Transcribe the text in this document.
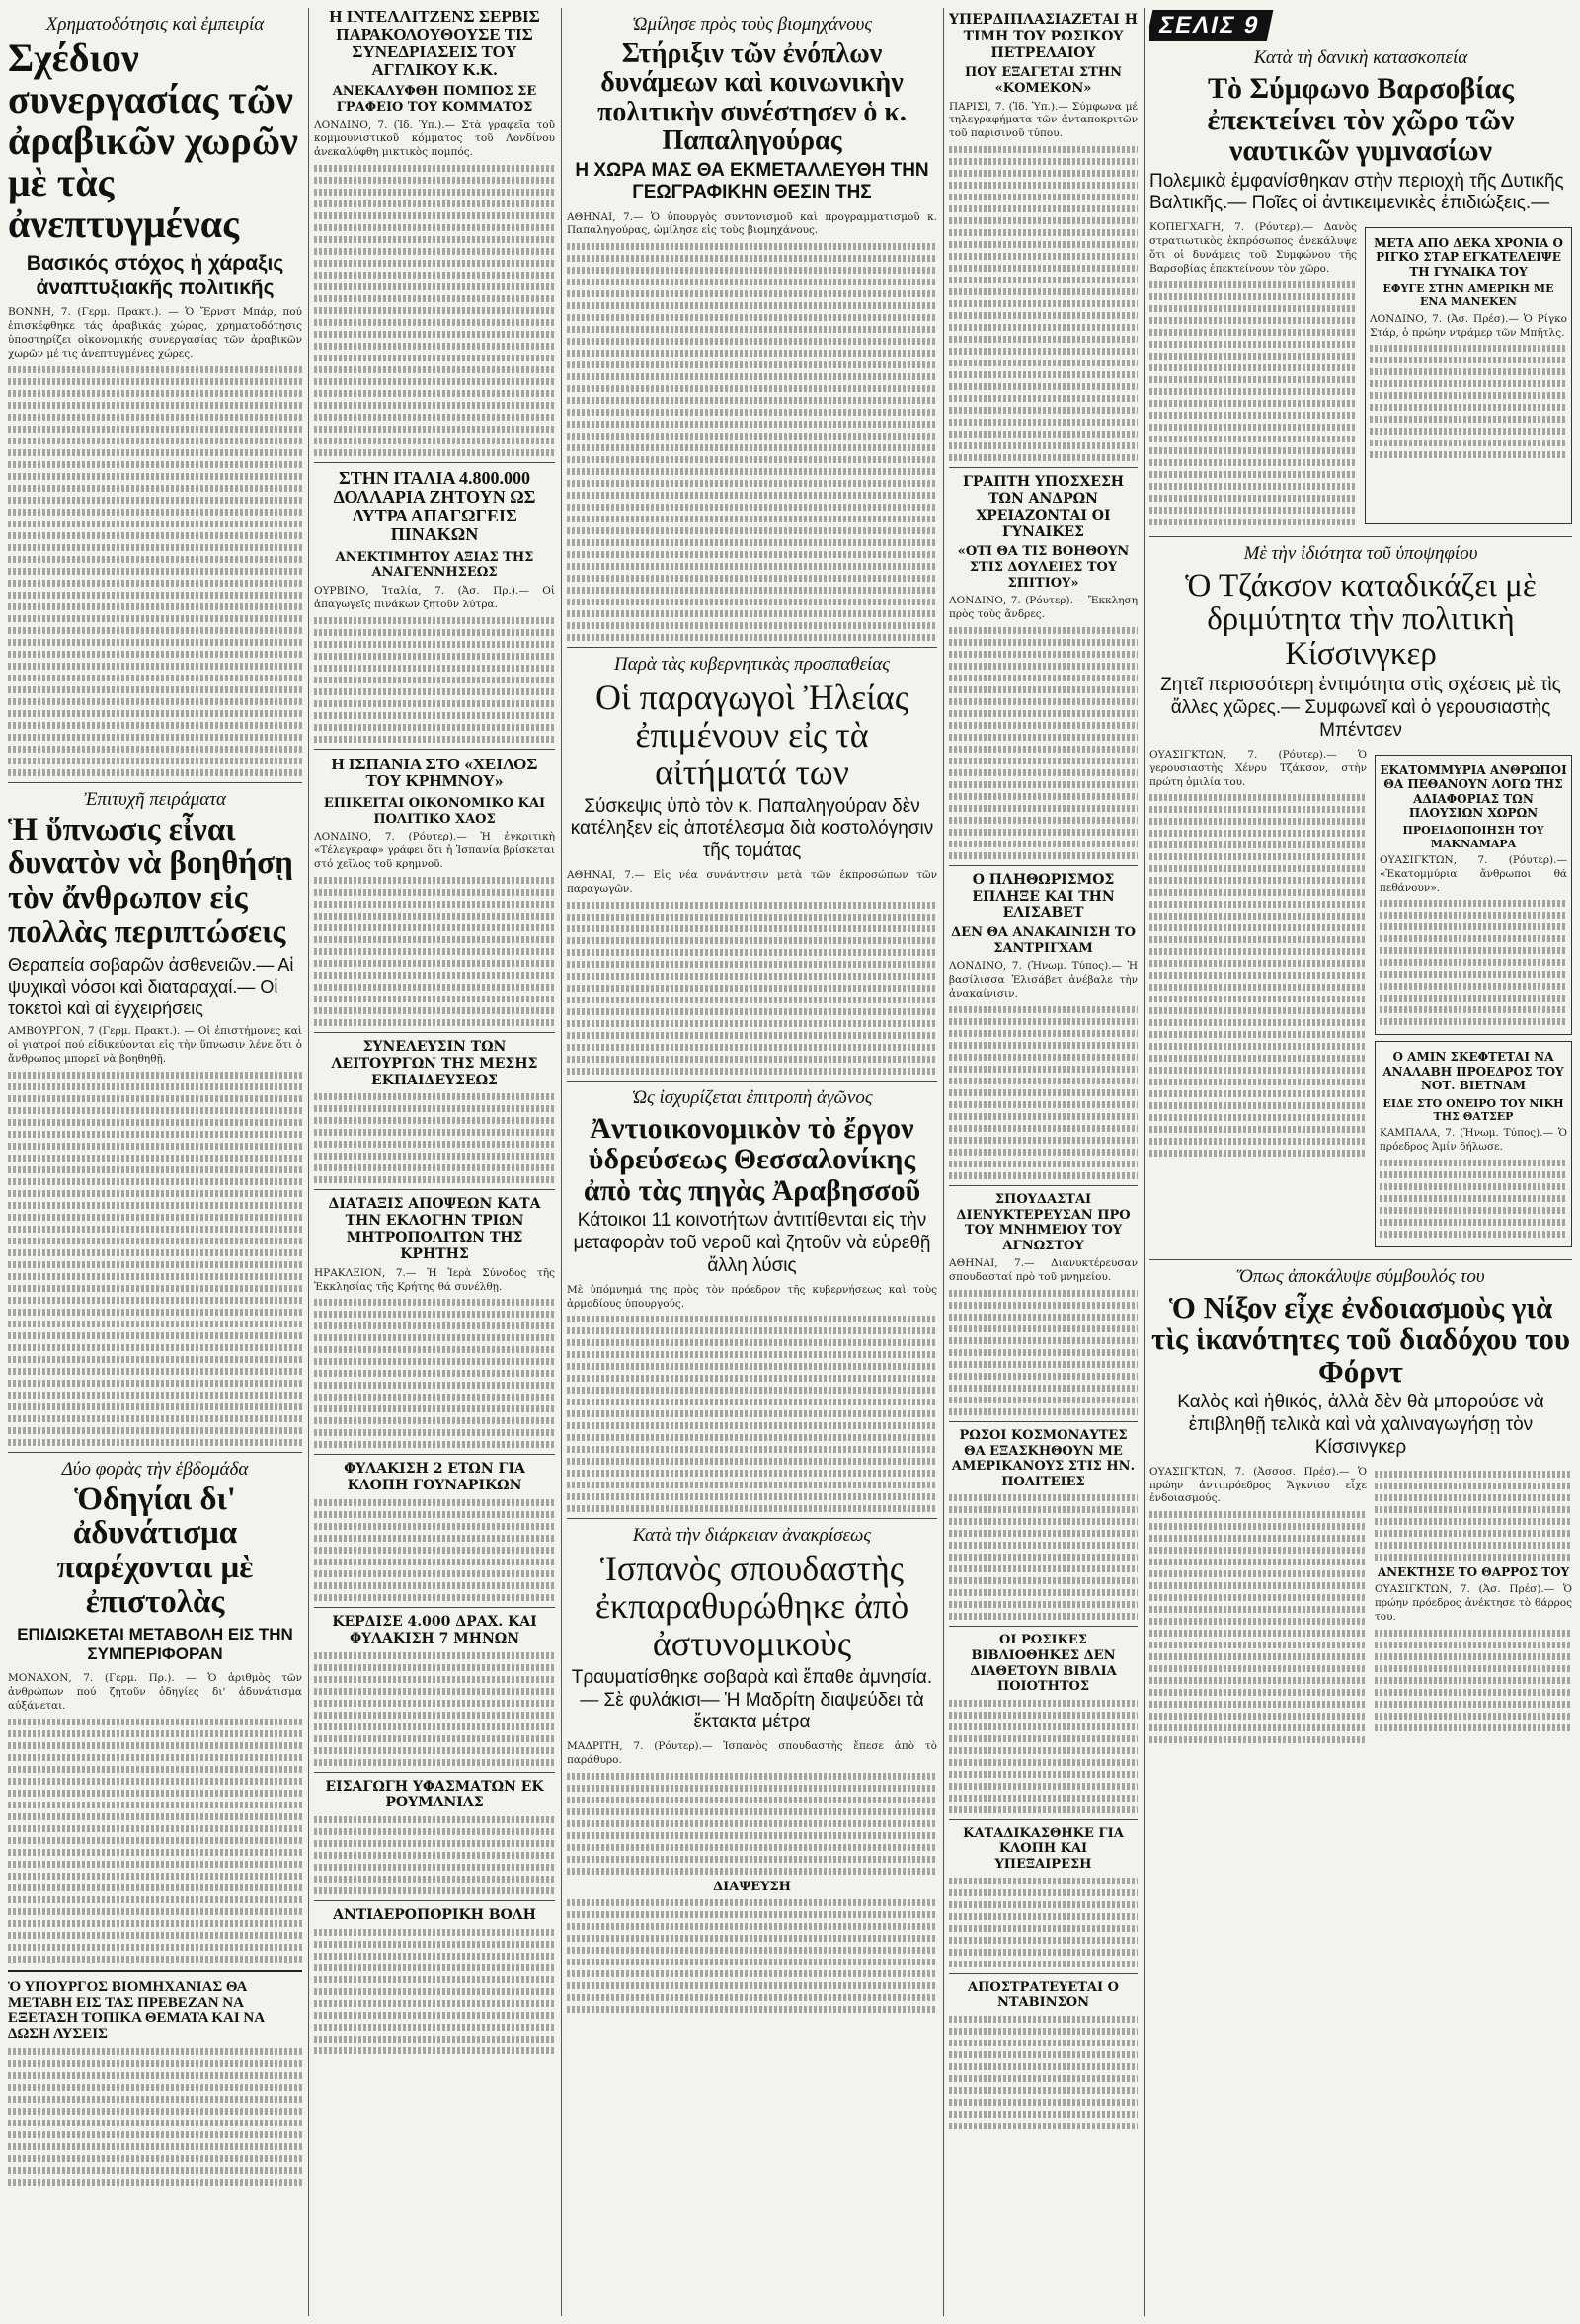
Χρηματοδότησις καὶ ἐμπειρία
Σχέδιον συνεργασίας τῶν ἀραβικῶν χωρῶν μὲ τὰς ἀνεπτυγμένας
Βασικός στόχος ἡ χάραξις ἀναπτυξιακῆς πολιτικῆς
ΒΟΝΝΗ, 7. (Γερμ. Πρακτ.). — Ὁ Ἔρνστ Μπάρ, πού ἐπισκέφθηκε τάς ἀραβικάς χώρας, χρηματοδότησις ὑποστηρίζει οἰκονομικής συνεργασίας τῶν ἀραβικῶν χωρῶν μέ τις ἀνεπτυγμένες χώρες.
Ἐπιτυχῆ πειράματα
Ἡ ὕπνωσις εἶναι δυνατὸν νὰ βοηθήσῃ τὸν ἄνθρωπον εἰς πολλὰς περιπτώσεις
Θεραπεία σοβαρῶν ἀσθενειῶν.— Αἱ ψυχικαὶ νόσοι καὶ διαταραχαί.— Οἱ τοκετοὶ καὶ αἱ ἐγχειρήσεις
ΑΜΒΟΥΡΓΟΝ, 7 (Γερμ. Πρακτ.). — Οἱ ἐπιστήμονες καὶ οἱ γιατροί πού εἰδικεύονται εἰς τὴν ὕπνωσιν λένε ὅτι ὁ ἄνθρωπος μπορεῖ νὰ βοηθηθῇ.
Δύο φορὰς τὴν ἑβδομάδα
Ὁδηγίαι δι' ἀδυνάτισμα παρέχονται μὲ ἐπιστολὰς
ΕΠΙΔΙΩΚΕΤΑΙ ΜΕΤΑΒΟΛΗ ΕΙΣ ΤΗΝ ΣΥΜΠΕΡΙΦΟΡΑΝ
ΜΟΝΑΧΟΝ, 7. (Γερμ. Πρ.). — Ὁ ἀριθμὸς τῶν ἀνθρώπων πού ζητοῦν ὁδηγίες δι' ἀδυνάτισμα αὐξάνεται.
Ὁ ΥΠΟΥΡΓΟΣ ΒΙΟΜΗΧΑΝΙΑΣ ΘΑ ΜΕΤΑΒΗ ΕΙΣ ΤΑΣ ΠΡΕΒΕΖΑΝ ΝΑ ΕΞΕΤΑΣΗ ΤΟΠΙΚΑ ΘΕΜΑΤΑ ΚΑΙ ΝΑ ΔΩΣΗ ΛΥΣΕΙΣ
Η ΙΝΤΕΛΛΙΤΖΕΝΣ ΣΕΡΒΙΣ ΠΑΡΑΚΟΛΟΥΘΟΥΣΕ ΤΙΣ ΣΥΝΕΔΡΙΑΣΕΙΣ ΤΟΥ ΑΓΓΛΙΚΟΥ Κ.Κ.
ΑΝΕΚΑΛΥΦΘΗ ΠΟΜΠΟΣ ΣΕ ΓΡΑΦΕΙΟ ΤΟΥ ΚΟΜΜΑΤΟΣ
ΛΟΝΔΙΝΟ, 7. (Ἰδ. Ὑπ.).— Στὰ γραφεῖα τοῦ κομμουνιστικοῦ κόμματος τοῦ Λονδίνου ἀνεκαλύφθη μικτικὸς πομπός.
ΣΤΗΝ ΙΤΑΛΙΑ 4.800.000 ΔΟΛΛΑΡΙΑ ΖΗΤΟΥΝ ΩΣ ΛΥΤΡΑ ΑΠΑΓΩΓΕΙΣ ΠΙΝΑΚΩΝ
ΑΝΕΚΤΙΜΗΤΟΥ ΑΞΙΑΣ ΤΗΣ ΑΝΑΓΕΝΝΗΣΕΩΣ
ΟΥΡΒΙΝΟ, Ἰταλία, 7. (Ἀσ. Πρ.).— Οἱ ἀπαγωγεῖς πινάκων ζητοῦν λύτρα.
Η ΙΣΠΑΝΙΑ ΣΤΟ «ΧΕΙΛΟΣ ΤΟΥ ΚΡΗΜΝΟΥ»
ΕΠΙΚΕΙΤΑΙ ΟΙΚΟΝΟΜΙΚΟ ΚΑΙ ΠΟΛΙΤΙΚΟ ΧΑΟΣ
ΛΟΝΔΙΝΟ, 7. (Ρόυτερ).— Ἡ ἐγκριτικὴ «Τέλεγκραφ» γράφει ὅτι ἡ Ἱσπανία βρίσκεται στό χεῖλος τοῦ κρημνοῦ.
ΣΥΝΕΛΕΥΣΙΝ ΤΩΝ ΛΕΙΤΟΥΡΓΩΝ ΤΗΣ ΜΕΣΗΣ ΕΚΠΑΙΔΕΥΣΕΩΣ
ΔΙΑΤΑΞΙΣ ΑΠΟΨΕΩΝ ΚΑΤΑ ΤΗΝ ΕΚΛΟΓΗΝ ΤΡΙΩΝ ΜΗΤΡΟΠΟΛΙΤΩΝ ΤΗΣ ΚΡΗΤΗΣ
ΗΡΑΚΛΕΙΟΝ, 7.— Ἡ Ἱερὰ Σύνοδος τῆς Ἐκκλησίας τῆς Κρήτης θά συνέλθῃ.
ΦΥΛΑΚΙΣΗ 2 ΕΤΩΝ ΓΙΑ ΚΛΟΠΗ ΓΟΥΝΑΡΙΚΩΝ
ΚΕΡΔΙΣΕ 4.000 ΔΡΑΧ. ΚΑΙ ΦΥΛΑΚΙΣΗ 7 ΜΗΝΩΝ
ΕΙΣΑΓΩΓΗ ΥΦΑΣΜΑΤΩΝ ΕΚ ΡΟΥΜΑΝΙΑΣ
ΑΝΤΙΑΕΡΟΠΟΡΙΚΗ ΒΟΛΗ
Ὡμίλησε πρὸς τοὺς βιομηχάνους
Στήριξιν τῶν ἐνόπλων δυνάμεων καὶ κοινωνικὴν πολιτικὴν συνέστησεν ὁ κ. Παπαληγούρας
Η ΧΩΡΑ ΜΑΣ ΘΑ ΕΚΜΕΤΑΛΛΕΥΘΗ ΤΗΝ ΓΕΩΓΡΑΦΙΚΗΝ ΘΕΣΙΝ ΤΗΣ
ΑΘΗΝΑΙ, 7.— Ὁ ὑπουργὸς συντονισμοῦ καὶ προγραμματισμοῦ κ. Παπαληγούρας, ὡμίλησε εἰς τοὺς βιομηχάνους.
Παρὰ τὰς κυβερνητικὰς προσπαθείας
Οἱ παραγωγοὶ Ἠλείας ἐπιμένουν εἰς τὰ αἰτήματά των
Σύσκεψις ὑπὸ τὸν κ. Παπαληγούραν δὲν κατέληξεν εἰς ἀποτέλεσμα διὰ κοστολόγησιν τῆς τομάτας
ΑΘΗΝΑΙ, 7.— Εἰς νέα συνάντησιν μετὰ τῶν ἐκπροσώπων τῶν παραγωγῶν.
Ὡς ἰσχυρίζεται ἐπιτροπὴ ἀγῶνος
Ἀντιοικονομικὸν τὸ ἔργον ὑδρεύσεως Θεσσαλονίκης ἀπὸ τὰς πηγὰς Ἀραβησσοῦ
Κάτοικοι 11 κοινοτήτων ἀντιτίθενται εἰς τὴν μεταφορὰν τοῦ νεροῦ καὶ ζητοῦν νὰ εὑρεθῇ ἄλλη λύσις
Μὲ ὑπόμνημά της πρὸς τὸν πρόεδρον τῆς κυβερνήσεως καὶ τοὺς ἁρμοδίους ὑπουργούς.
Κατὰ τὴν διάρκειαν ἀνακρίσεως
Ἱσπανὸς σπουδαστὴς ἐκπαραθυρώθηκε ἀπὸ ἀστυνομικοὺς
Τραυματίσθηκε σοβαρὰ καὶ ἔπαθε ἀμνησία.— Σὲ φυλάκισι— Ἡ Μαδρίτη διαψεύδει τὰ ἔκτακτα μέτρα
ΜΑΔΡΙΤΗ, 7. (Ρόυτερ).— Ἱσπανὸς σπουδαστὴς ἔπεσε ἀπὸ τὸ παράθυρο.
ΔΙΑΨΕΥΣΗ
ΥΠΕΡΔΙΠΛΑΣΙΑΖΕΤΑΙ Η ΤΙΜΗ ΤΟΥ ΡΩΣΙΚΟΥ ΠΕΤΡΕΛΑΙΟΥ
ΠΟΥ ΕΞΑΓΕΤΑΙ ΣΤΗΝ «ΚΟΜΕΚΟΝ»
ΠΑΡΙΣΙ, 7. (Ἰδ. Ὑπ.).— Σύμφωνα μέ τηλεγραφήματα τῶν ἀνταποκριτῶν τοῦ παρισινοῦ τύπου.
ΓΡΑΠΤΗ ΥΠΟΣΧΕΣΗ ΤΩΝ ΑΝΔΡΩΝ ΧΡΕΙΑΖΟΝΤΑΙ ΟΙ ΓΥΝΑΙΚΕΣ
«ΟΤΙ ΘΑ ΤΙΣ ΒΟΗΘΟΥΝ ΣΤΙΣ ΔΟΥΛΕΙΕΣ ΤΟΥ ΣΠΙΤΙΟΥ»
ΛΟΝΔΙΝΟ, 7. (Ρόυτερ).— Ἔκκληση πρὸς τοὺς ἄνδρες.
Ο ΠΛΗΘΩΡΙΣΜΟΣ ΕΠΛΗΞΕ ΚΑΙ ΤΗΝ ΕΛΙΣΑΒΕΤ
ΔΕΝ ΘΑ ΑΝΑΚΑΙΝΙΣΗ ΤΟ ΣΑΝΤΡΙΓΧΑΜ
ΛΟΝΔΙΝΟ, 7. (Ἡνωμ. Τύπος).— Ἡ βασίλισσα Ἐλισάβετ ἀνέβαλε τὴν ἀνακαίνισιν.
ΣΠΟΥΔΑΣΤΑΙ ΔΙΕΝΥΚΤΕΡΕΥΣΑΝ ΠΡΟ ΤΟΥ ΜΝΗΜΕΙΟΥ ΤΟΥ ΑΓΝΩΣΤΟΥ
ΑΘΗΝΑΙ, 7.— Διανυκτέρευσαν σπουδασταί πρὸ τοῦ μνημείου.
ΡΩΣΟΙ ΚΟΣΜΟΝΑΥΤΕΣ ΘΑ ΕΞΑΣΚΗΘΟΥΝ ΜΕ ΑΜΕΡΙΚΑΝΟΥΣ ΣΤΙΣ ΗΝ. ΠΟΛΙΤΕΙΕΣ
ΟΙ ΡΩΣΙΚΕΣ ΒΙΒΛΙΟΘΗΚΕΣ ΔΕΝ ΔΙΑΘΕΤΟΥΝ ΒΙΒΛΙΑ ΠΟΙΟΤΗΤΟΣ
ΚΑΤΑΔΙΚΑΣΘΗΚΕ ΓΙΑ ΚΛΟΠΗ ΚΑΙ ΥΠΕΞΑΙΡΕΣΗ
ΑΠΟΣΤΡΑΤΕΥΕΤΑΙ Ο ΝΤΑΒΙΝΣΟΝ
ΣΕΛΙΣ 9
Κατὰ τὴ δανικὴ κατασκοπεία
Τὸ Σύμφωνο Βαρσοβίας ἐπεκτείνει τὸν χῶρο τῶν ναυτικῶν γυμνασίων
Πολεμικὰ ἐμφανίσθηκαν στὴν περιοχὴ τῆς Δυτικῆς Βαλτικῆς.— Ποῖες οἱ ἀντικειμενικὲς ἐπιδιώξεις.—
ΚΟΠΕΓΧΑΓΗ, 7. (Ρόυτερ).— Δανὸς στρατιωτικὸς ἐκπρόσωπος ἀνεκάλυψε ὅτι οἱ δυνάμεις τοῦ Συμφώνου τῆς Βαρσοβίας ἐπεκτείνουν τὸν χῶρο.
ΜΕΤΑ ΑΠΟ ΔΕΚΑ ΧΡΟΝΙΑ Ο ΡΙΓΚΟ ΣΤΑΡ ΕΓΚΑΤΕΛΕΙΨΕ ΤΗ ΓΥΝΑΙΚΑ ΤΟΥ
ΕΦΥΓΕ ΣΤΗΝ ΑΜΕΡΙΚΗ ΜΕ ΕΝΑ ΜΑΝΕΚΕΝ
ΛΟΝΔΙΝΟ, 7. (Ἀσ. Πρέσ).— Ὁ Ρίγκο Στάρ, ὁ πρώην ντράμερ τῶν Μπῆτλς.
Μὲ τὴν ἰδιότητα τοῦ ὑποψηφίου
Ὁ Τζάκσον καταδικάζει μὲ δριμύτητα τὴν πολιτικὴ Κίσσινγκερ
Ζητεῖ περισσότερη ἐντιμότητα στὶς σχέσεις μὲ τὶς ἄλλες χῶρες.— Συμφωνεῖ καὶ ὁ γερουσιαστὴς Μπέντσεν
ΟΥΑΣΙΓΚΤΩΝ, 7. (Ρόυτερ).— Ὁ γερουσιαστὴς Χένρυ Τζάκσον, στὴν πρώτη ὁμιλία του.
ΕΚΑΤΟΜΜΥΡΙΑ ΑΝΘΡΩΠΟΙ ΘΑ ΠΕΘΑΝΟΥΝ ΛΟΓΩ ΤΗΣ ΑΔΙΑΦΟΡΙΑΣ ΤΩΝ ΠΛΟΥΣΙΩΝ ΧΩΡΩΝ
ΠΡΟΕΙΔΟΠΟΙΗΣΗ ΤΟΥ ΜΑΚΝΑΜΑΡΑ
ΟΥΑΣΙΓΚΤΩΝ, 7. (Ρόυτερ).— «Ἑκατομμύρια ἄνθρωποι θά πεθάνουν».
Ο ΑΜΙΝ ΣΚΕΦΤΕΤΑΙ ΝΑ ΑΝΑΛΑΒΗ ΠΡΟΕΔΡΟΣ ΤΟΥ ΝΟΤ. ΒΙΕΤΝΑΜ
ΕΙΔΕ ΣΤΟ ΟΝΕΙΡΟ ΤΟΥ ΝΙΚΗ ΤΗΣ ΘΑΤΣΕΡ
ΚΑΜΠΑΛΑ, 7. (Ἡνωμ. Τύπος).— Ὁ πρόεδρος Ἀμίν δήλωσε.
Ὅπως ἀποκάλυψε σύμβουλός του
Ὁ Νίξον εἶχε ἐνδοιασμοὺς γιὰ τὶς ἱκανότητες τοῦ διαδόχου του Φόρντ
Καλὸς καὶ ἠθικός, ἀλλὰ δὲν θὰ μπορούσε νὰ ἐπιβληθῇ τελικὰ καὶ νὰ χαλιναγωγήσῃ τὸν Κίσσινγκερ
ΟΥΑΣΙΓΚΤΩΝ, 7. (Ἀσσοσ. Πρέσ).— Ὁ πρώην ἀντιπρόεδρος Ἄγκνιου εἶχε ἐνδοιασμούς.
ΑΝΕΚΤΗΣΕ ΤΟ ΘΑΡΡΟΣ ΤΟΥ
ΟΥΑΣΙΓΚΤΩΝ, 7. (Ἀσ. Πρέσ).— Ὁ πρώην πρόεδρος ἀνέκτησε τὸ θάρρος του.
